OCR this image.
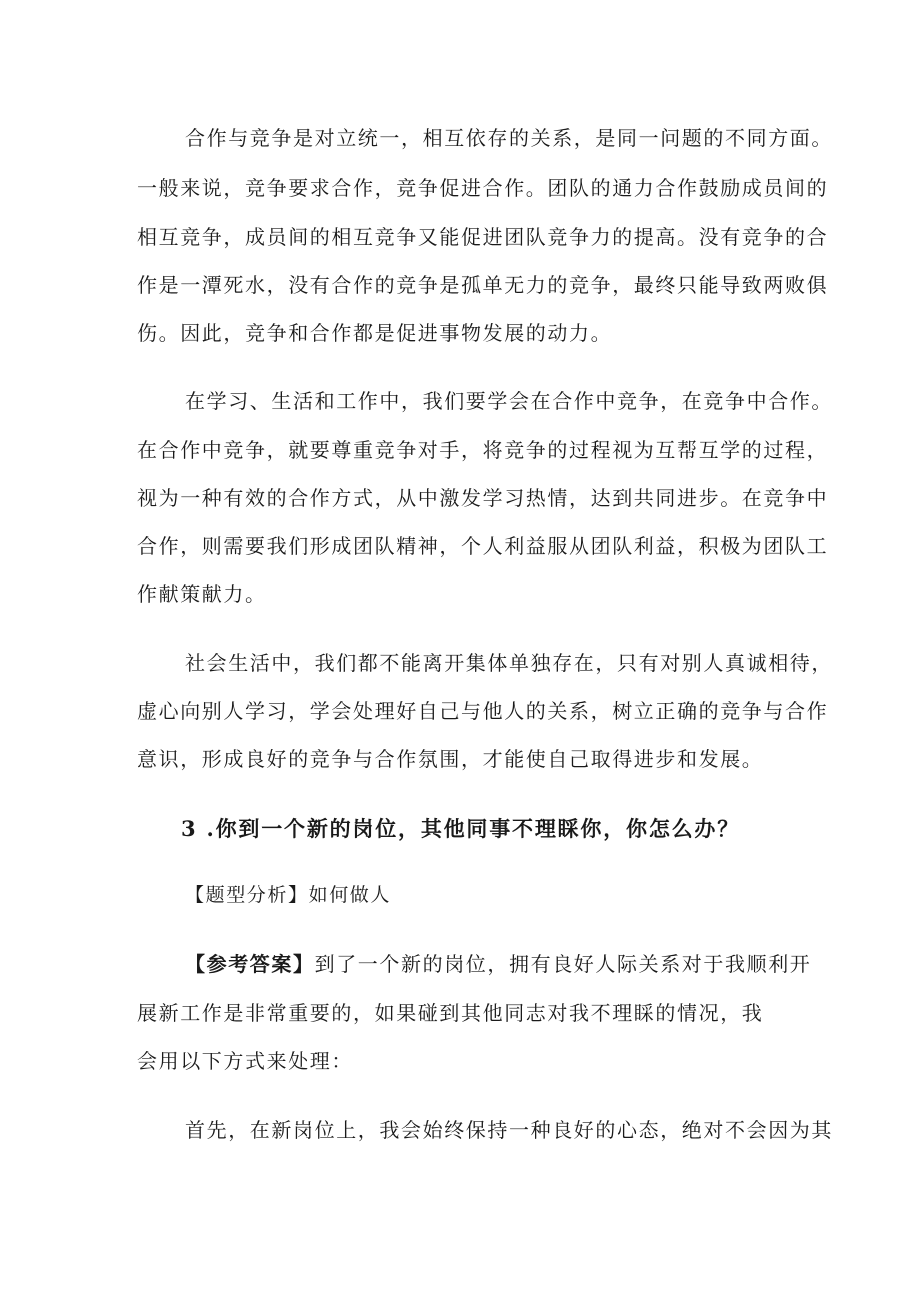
合作与竞争是对立统一，相互依存的关系，是同一问题的不同方面。
一般来说，竞争要求合作，竞争促进合作。团队的通力合作鼓励成员间的
相互竞争，成员间的相互竞争又能促进团队竞争力的提高。没有竞争的合
作是一潭死水，没有合作的竞争是孤单无力的竞争，最终只能导致两败俱
伤。因此，竞争和合作都是促进事物发展的动力。
在学习、生活和工作中，我们要学会在合作中竞争，在竞争中合作。
在合作中竞争，就要尊重竞争对手，将竞争的过程视为互帮互学的过程，
视为一种有效的合作方式，从中激发学习热情，达到共同进步。在竞争中
合作，则需要我们形成团队精神，个人利益服从团队利益，积极为团队工
作献策献力。
社会生活中，我们都不能离开集体单独存在，只有对别人真诚相待，
虚心向别人学习，学会处理好自己与他人的关系，树立正确的竞争与合作
意识，形成良好的竞争与合作氛围，才能使自己取得进步和发展。
3 .你到一个新的岗位，其他同事不理睬你，你怎么办？
【题型分析】如何做人
【参考答案】到了一个新的岗位，拥有良好人际关系对于我顺利开
展新工作是非常重要的，如果碰到其他同志对我不理睬的情况，我
会用以下方式来处理：
首先，在新岗位上，我会始终保持一种良好的心态，绝对不会因为其
